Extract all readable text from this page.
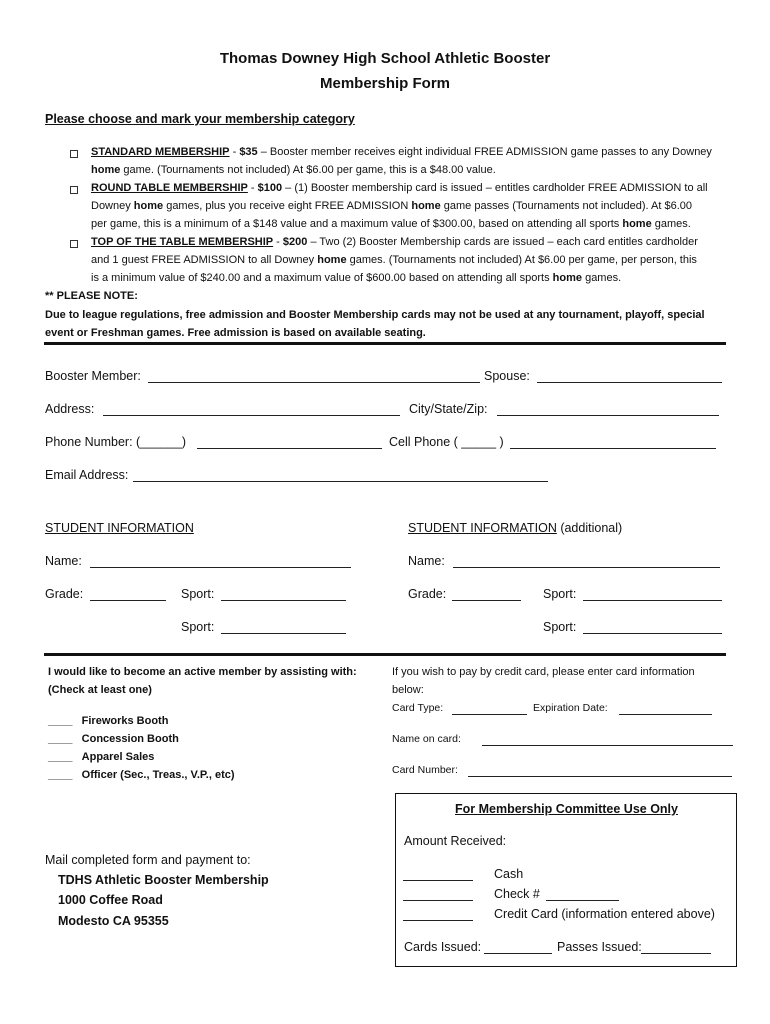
Thomas Downey High School Athletic Booster
Membership Form
Please choose and mark your membership category
STANDARD MEMBERSHIP - $35 – Booster member receives eight individual FREE ADMISSION game passes to any Downey
home game. (Tournaments not included) At $6.00 per game, this is a $48.00 value.
ROUND TABLE MEMBERSHIP - $100 – (1) Booster membership card is issued – entitles cardholder FREE ADMISSION to all
Downey home games, plus you receive eight FREE ADMISSION home game passes (Tournaments not included). At $6.00
per game, this is a minimum of a $148 value and a maximum value of $300.00, based on attending all sports home games.
TOP OF THE TABLE MEMBERSHIP - $200 – Two (2) Booster Membership cards are issued – each card entitles cardholder
and 1 guest FREE ADMISSION to all Downey home games. (Tournaments not included) At $6.00 per game, per person, this
is a minimum value of $240.00 and a maximum value of $600.00 based on attending all sports home games.
** PLEASE NOTE:
Due to league regulations, free admission and Booster Membership cards may not be used at any tournament, playoff, special
event or Freshman games. Free admission is based on available seating.
Booster Member:	Spouse:
Address:	City/State/Zip:
Phone Number: (______)	Cell Phone ( _____ )
Email Address:
STUDENT INFORMATION
Name:
Grade:	Sport:
Sport:
STUDENT INFORMATION (additional)
Name:
Grade:	Sport:
Sport:
I would like to become an active member by assisting with:
(Check at least one)
____ Fireworks Booth
____ Concession Booth
____ Apparel Sales
____ Officer (Sec., Treas., V.P., etc)
If you wish to pay by credit card, please enter card information
below:
Card Type:	Expiration Date:
Name on card:
Card Number:
Mail completed form and payment to:
TDHS Athletic Booster Membership
1000 Coffee Road
Modesto CA 95355
For Membership Committee Use Only
Amount Received:
Cash
Check #
Credit Card (information entered above)
Cards Issued:	Passes Issued:
